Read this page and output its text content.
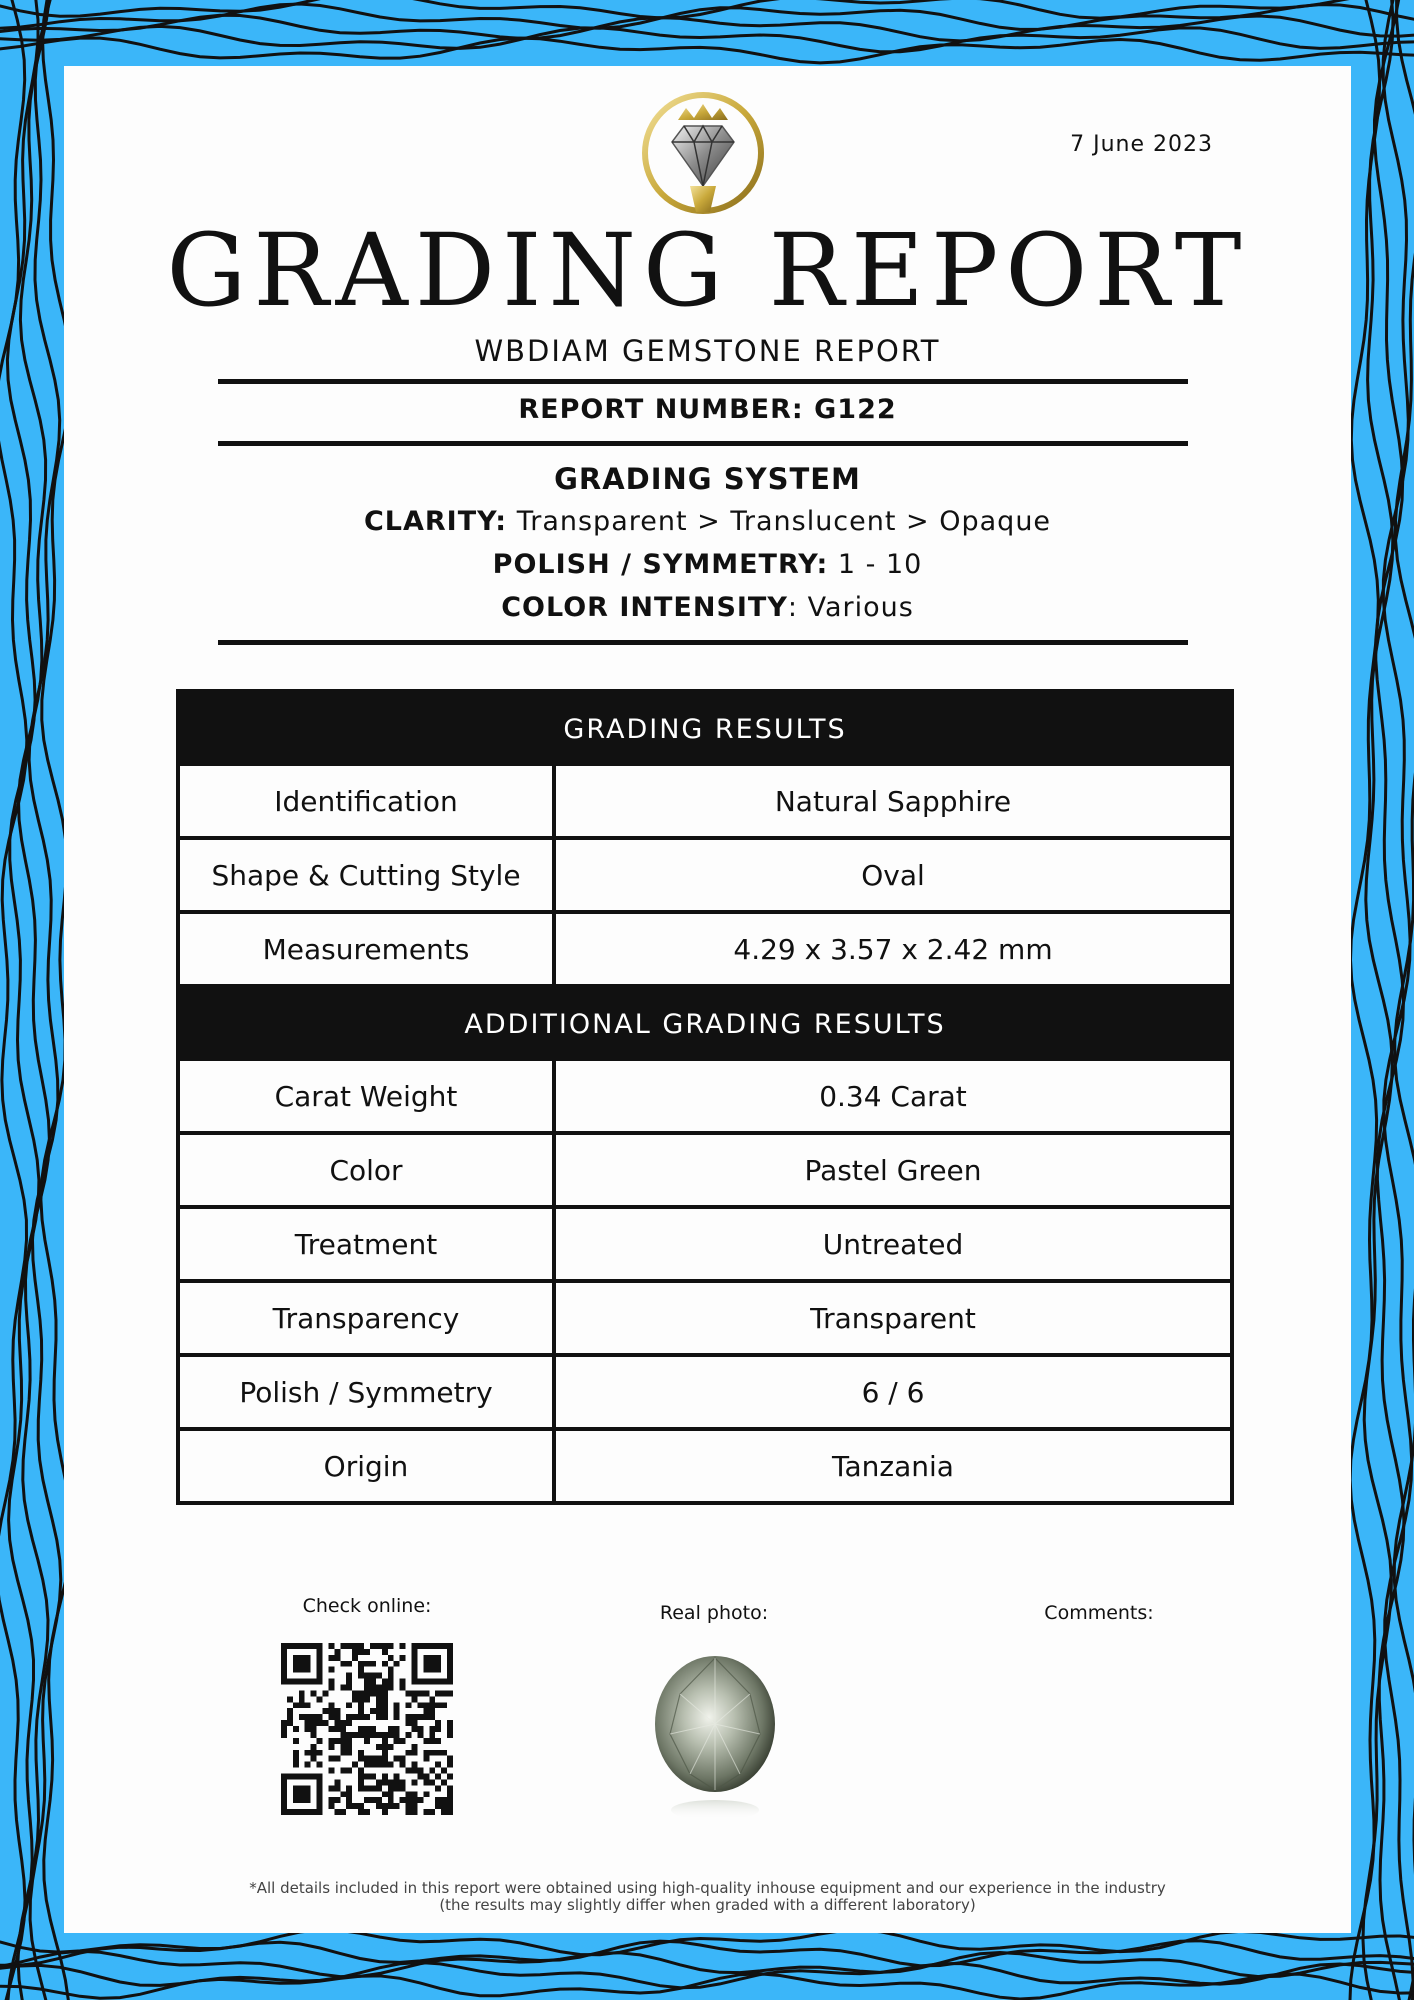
7 June 2023
GRADING REPORT
WBDIAM GEMSTONE REPORT
REPORT NUMBER: G122
GRADING SYSTEM
CLARITY: Transparent > Translucent > Opaque
POLISH / SYMMETRY: 1 - 10
COLOR INTENSITY: Various
GRADING RESULTS
Identification	Natural Sapphire
Shape & Cutting Style	Oval
Measurements	4.29 x 3.57 x 2.42 mm
ADDITIONAL GRADING RESULTS
Carat Weight	0.34 Carat
Color	Pastel Green
Treatment	Untreated
Transparency	Transparent
Polish / Symmetry	6 / 6
Origin	Tanzania
Check online:	Real photo:	Comments:
*All details included in this report were obtained using high-quality inhouse equipment and our experience in the industry
(the results may slightly differ when graded with a different laboratory)
